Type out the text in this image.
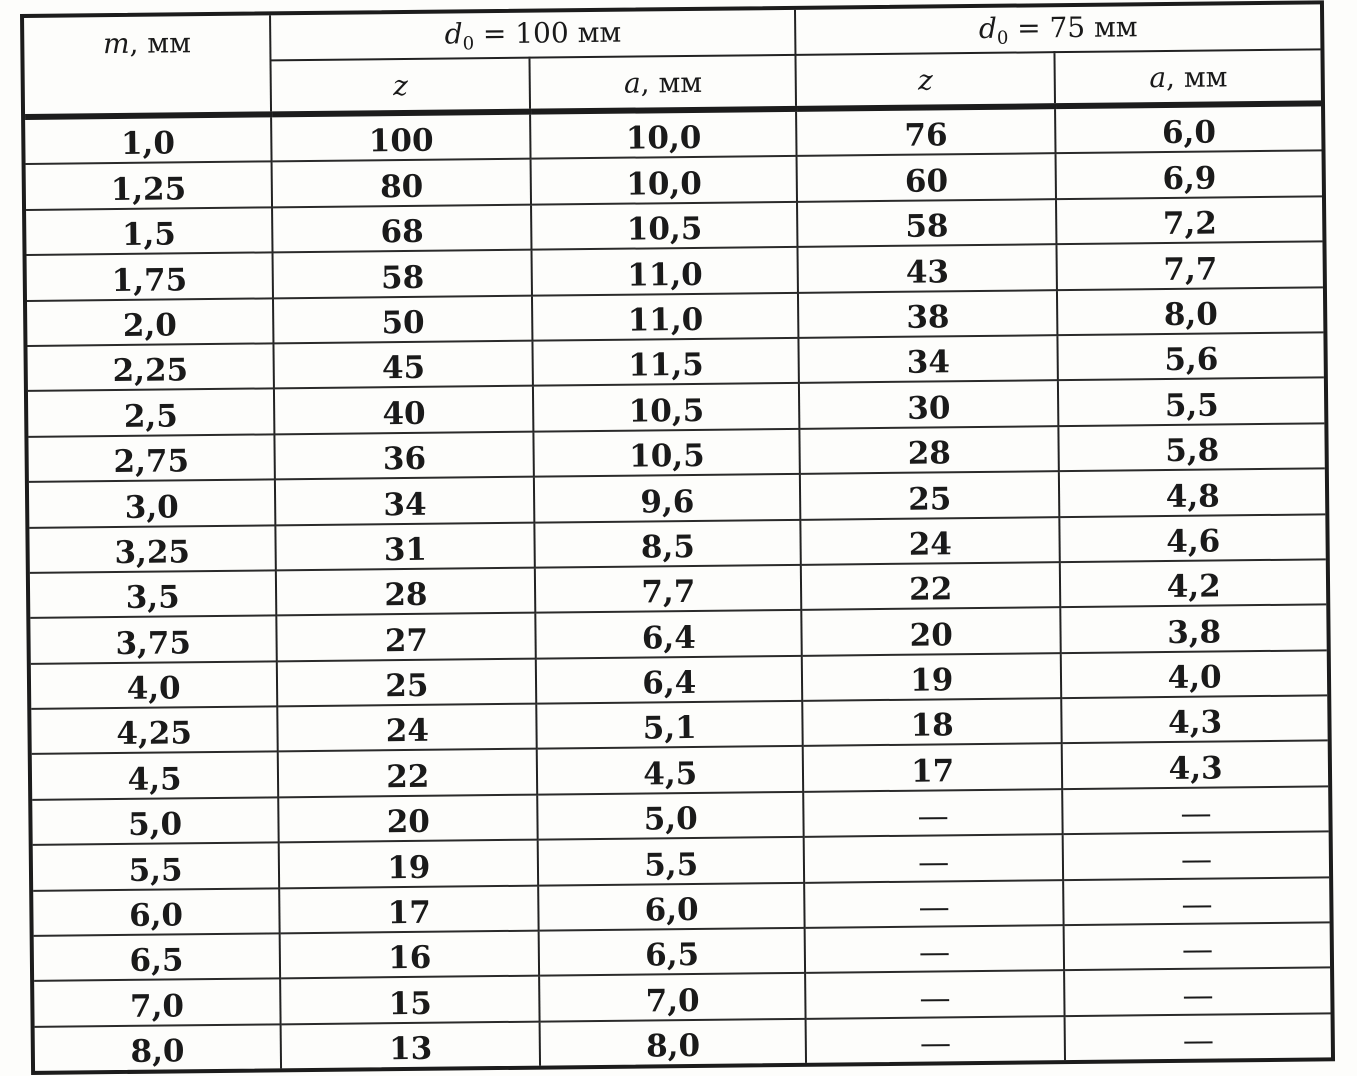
m, мм	$d_0 = 100$ мм		$d_0 = 75$ мм	
	z	a, мм	z	a, мм
1,0	100	10,0	76	6,0
1,25	80	10,0	60	6,9
1,5	68	10,5	58	7,2
1,75	58	11,0	43	7,7
2,0	50	11,0	38	8,0
2,25	45	11,5	34	5,6
2,5	40	10,5	30	5,5
2,75	36	10,5	28	5,8
3,0	34	9,6	25	4,8
3,25	31	8,5	24	4,6
3,5	28	7,7	22	4,2
3,75	27	6,4	20	3,8
4,0	25	6,4	19	4,0
4,25	24	5,1	18	4,3
4,5	22	4,5	17	4,3
5,0	20	5,0	—	—
5,5	19	5,5	—	—
6,0	17	6,0	—	—
6,5	16	6,5	—	—
7,0	15	7,0	—	—
8,0	13	8,0	—	—
